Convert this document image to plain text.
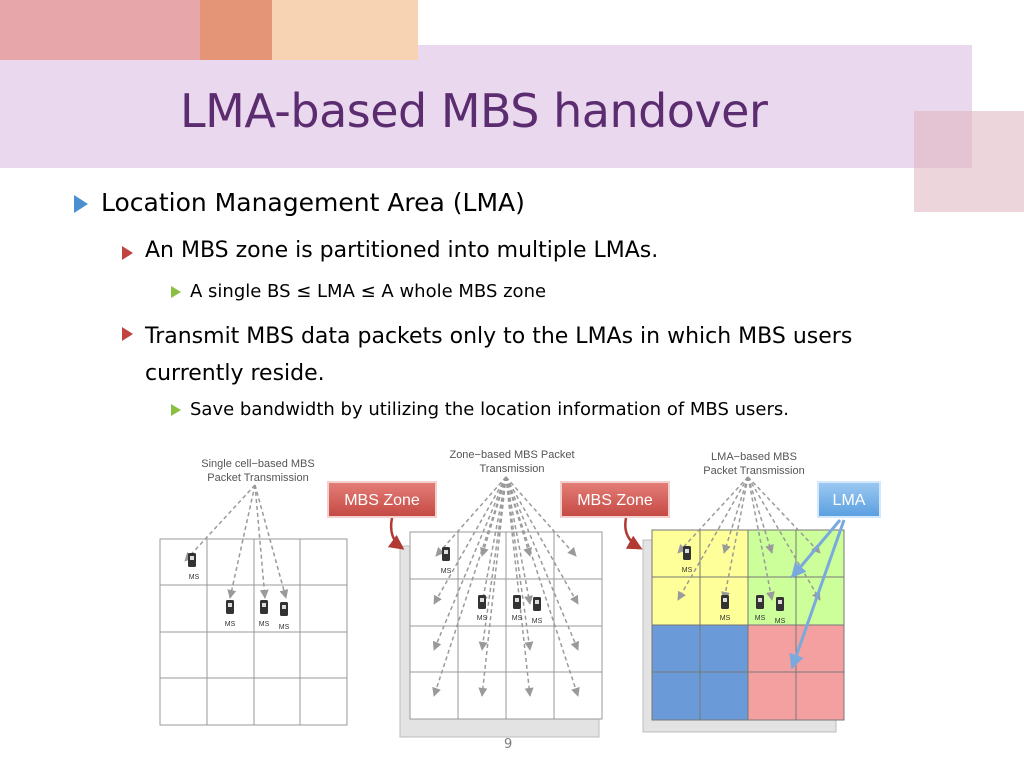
LMA-based MBS handover
Location Management Area (LMA)
An MBS zone is partitioned into multiple LMAs.
A single BS ≤ LMA ≤ A whole MBS zone
Transmit MBS data packets only to the LMAs in which MBS users currently reside.
Save bandwidth by utilizing the location information of MBS users.
Single cell−based MBS
Packet Transmission
MS
MS	MS MS
Zone−based MBS Packet
Transmission
MS
MS	MS MS
MBS Zone
LMA−based MBS
Packet Transmission
MS
MS	MS MS
MBS Zone	LMA
9
